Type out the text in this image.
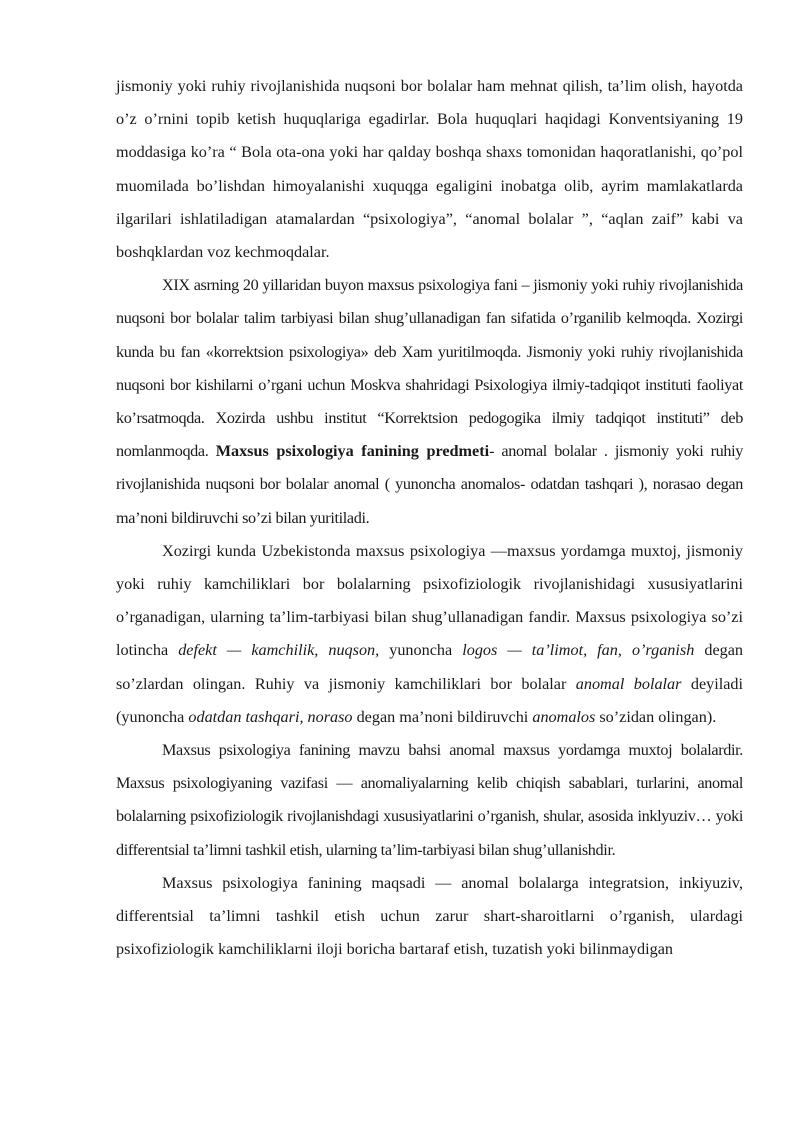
jismoniy yoki ruhiy rivojlanishida nuqsoni bor bolalar ham mehnat qilish, ta’lim olish, hayotda o’z o’rnini topib ketish huquqlariga egadirlar. Bola huquqlari haqidagi Konventsiyaning 19 moddasiga ko’ra “ Bola ota-ona yoki har qalday boshqa shaxs tomonidan haqoratlanishi, qo’pol muomilada bo’lishdan himoyalanishi xuquqga egaligini inobatga olib, ayrim mamlakatlarda ilgarilari ishlatiladigan atamalardan “psixologiya”, “anomal bolalar ”, “aqlan zaif” kabi va boshqklardan voz kechmoqdalar.

XIX asrning 20 yillaridan buyon maxsus psixologiya fani – jismoniy yoki ruhiy rivojlanishida nuqsoni bor bolalar talim tarbiyasi bilan shug’ullanadigan fan sifatida o’rganilib kelmoqda. Xozirgi kunda bu fan «korrektsion psixologiya» deb Xam yuritilmoqda. Jismoniy yoki ruhiy rivojlanishida nuqsoni bor kishilarni o’rgani uchun Moskva shahridagi Psixologiya ilmiy-tadqiqot instituti faoliyat ko’rsatmoqda. Xozirda ushbu institut “Korrektsion pedogogika ilmiy tadqiqot instituti” deb nomlanmoqda. Maxsus psixologiya fanining predmeti- anomal bolalar . jismoniy yoki ruhiy rivojlanishida nuqsoni bor bolalar anomal ( yunoncha anomalos- odatdan tashqari ), norasao degan ma’noni bildiruvchi so’zi bilan yuritiladi.

Xozirgi kunda Uzbekistonda maxsus psixologiya —maxsus yordamga muxtoj, jismoniy yoki ruhiy kamchiliklari bor bolalarning psixofiziologik rivojlanishidagi xususiyatlarini o’rganadigan, ularning ta’lim-tarbiyasi bilan shug’ullanadigan fandir. Maxsus psixologiya so’zi lotincha defekt — kamchilik, nuqson, yunoncha logos — ta’limot, fan, o’rganish degan so’zlardan olingan. Ruhiy va jismoniy kamchiliklari bor bolalar anomal bolalar deyiladi (yunoncha odatdan tashqari, noraso degan ma’noni bildiruvchi anomalos so’zidan olingan).

Maxsus psixologiya fanining mavzu bahsi anomal maxsus yordamga muxtoj bolalardir. Maxsus psixologiyaning vazifasi — anomaliyalarning kelib chiqish sabablari, turlarini, anomal bolalarning psixofiziologik rivojlanishdagi xususiyatlarini o’rganish, shular, asosida inklyuziv… yoki differentsial ta’limni tashkil etish, ularning ta’lim-tarbiyasi bilan shug’ullanishdir.

Maxsus psixologiya fanining maqsadi — anomal bolalarga integratsion, inkiyuziv, differentsial ta’limni tashkil etish uchun zarur shart-sharoitlarni o’rganish, ulardagi psixofiziologik kamchiliklarni iloji boricha bartaraf etish, tuzatish yoki bilinmaydigan
